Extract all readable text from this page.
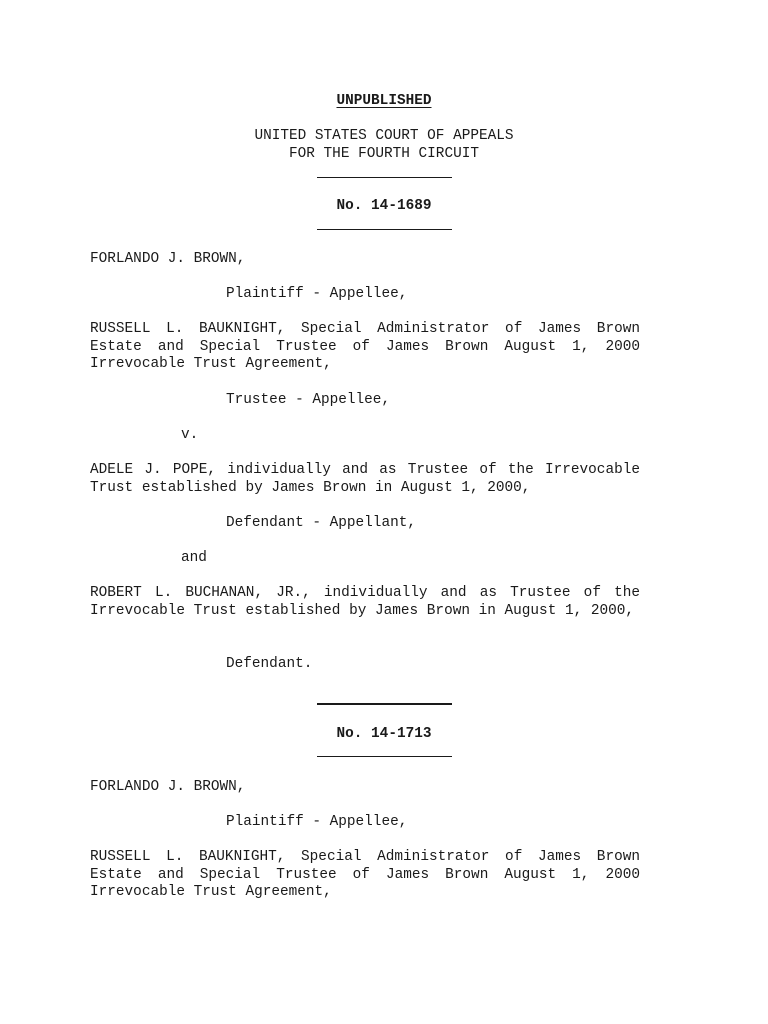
UNPUBLISHED
UNITED STATES COURT OF APPEALS
FOR THE FOURTH CIRCUIT
No. 14-1689
FORLANDO J. BROWN,
Plaintiff - Appellee,
RUSSELL L. BAUKNIGHT, Special Administrator of James Brown Estate and Special Trustee of James Brown August 1, 2000 Irrevocable Trust Agreement,
Trustee - Appellee,
v.
ADELE J. POPE, individually and as Trustee of the Irrevocable Trust established by James Brown in August 1, 2000,
Defendant - Appellant,
and
ROBERT L. BUCHANAN, JR., individually and as Trustee of the Irrevocable Trust established by James Brown in August 1, 2000,
Defendant.
No. 14-1713
FORLANDO J. BROWN,
Plaintiff - Appellee,
RUSSELL L. BAUKNIGHT, Special Administrator of James Brown Estate and Special Trustee of James Brown August 1, 2000 Irrevocable Trust Agreement,
